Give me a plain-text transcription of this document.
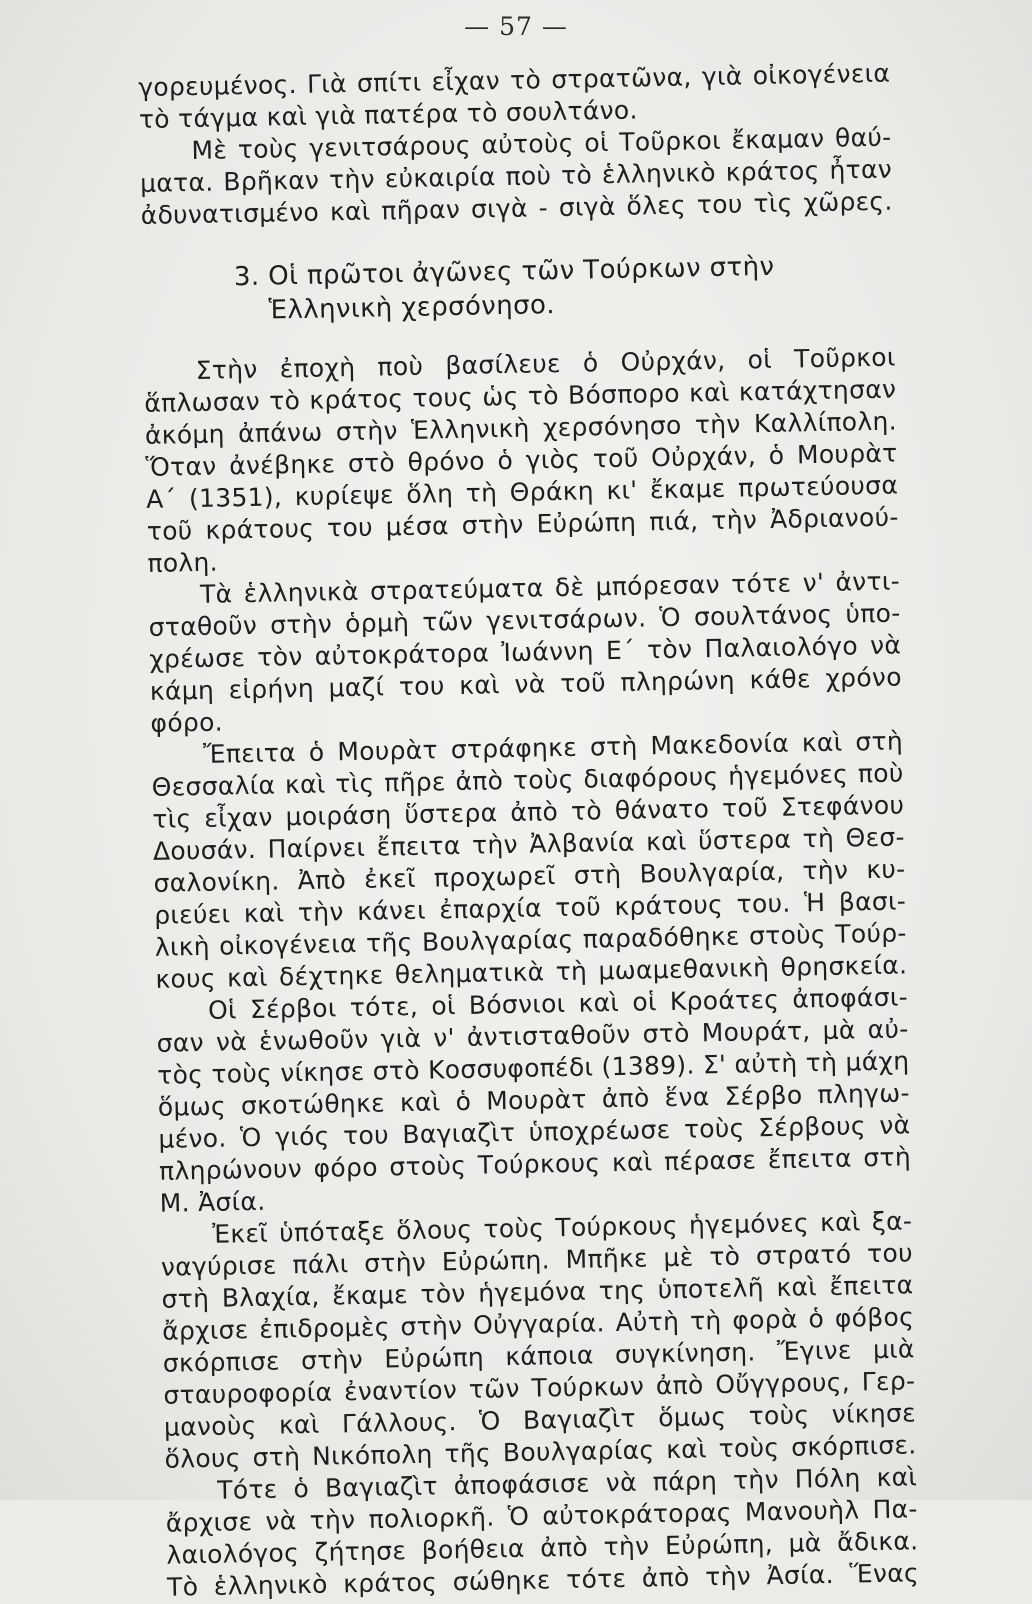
— 57 —
γορευμένος. Γιὰ σπίτι εἶχαν τὸ στρατῶνα, γιὰ οἰκογένεια
τὸ τάγμα καὶ γιὰ πατέρα τὸ σουλτάνο.
Μὲ τοὺς γενιτσάρους αὐτοὺς οἱ Τοῦρκοι ἔκαμαν θαύ-
ματα. Βρῆκαν τὴν εὐκαιρία ποὺ τὸ ἑλληνικὸ κράτος ἦταν
ἀδυνατισμένο καὶ πῆραν σιγὰ - σιγὰ ὅλες του τὶς χῶρες.
3. Οἱ πρῶτοι ἀγῶνες τῶν Τούρκων στὴν
Ἑλληνικὴ χερσόνησο.
Στὴν ἐποχὴ ποὺ βασίλευε ὁ Οὐρχάν, οἱ Τοῦρκοι
ἅπλωσαν τὸ κράτος τους ὡς τὸ Βόσπορο καὶ κατάχτησαν
ἀκόμη ἀπάνω στὴν Ἑλληνικὴ χερσόνησο τὴν Καλλίπολη.
Ὅταν ἀνέβηκε στὸ θρόνο ὁ γιὸς τοῦ Οὐρχάν, ὁ Μουρὰτ
Α΄ (1351), κυρίεψε ὅλη τὴ Θράκη κι' ἔκαμε πρωτεύουσα
τοῦ κράτους του μέσα στὴν Εὐρώπη πιά, τὴν Ἀδριανού-
πολη.
Τὰ ἑλληνικὰ στρατεύματα δὲ μπόρεσαν τότε ν' ἀντι-
σταθοῦν στὴν ὁρμὴ τῶν γενιτσάρων. Ὁ σουλτάνος ὑπο-
χρέωσε τὸν αὐτοκράτορα Ἰωάννη Ε΄ τὸν Παλαιολόγο νὰ
κάμη εἰρήνη μαζί του καὶ νὰ τοῦ πληρώνη κάθε χρόνο
φόρο.
Ἔπειτα ὁ Μουρὰτ στράφηκε στὴ Μακεδονία καὶ στὴ
Θεσσαλία καὶ τὶς πῆρε ἀπὸ τοὺς διαφόρους ἡγεμόνες ποὺ
τὶς εἶχαν μοιράση ὕστερα ἀπὸ τὸ θάνατο τοῦ Στεφάνου
Δουσάν. Παίρνει ἔπειτα τὴν Ἀλβανία καὶ ὕστερα τὴ Θεσ-
σαλονίκη. Ἀπὸ ἐκεῖ προχωρεῖ στὴ Βουλγαρία, τὴν κυ-
ριεύει καὶ τὴν κάνει ἐπαρχία τοῦ κράτους του. Ἡ βασι-
λικὴ οἰκογένεια τῆς Βουλγαρίας παραδόθηκε στοὺς Τούρ-
κους καὶ δέχτηκε θεληματικὰ τὴ μωαμεθανικὴ θρησκεία.
Οἱ Σέρβοι τότε, οἱ Βόσνιοι καὶ οἱ Κροάτες ἀποφάσι-
σαν νὰ ἑνωθοῦν γιὰ ν' ἀντισταθοῦν στὸ Μουράτ, μὰ αὐ-
τὸς τοὺς νίκησε στὸ Κοσσυφοπέδι (1389). Σ' αὐτὴ τὴ μάχη
ὅμως σκοτώθηκε καὶ ὁ Μουρὰτ ἀπὸ ἕνα Σέρβο πληγω-
μένο. Ὁ γιός του Βαγιαζὶτ ὑποχρέωσε τοὺς Σέρβους νὰ
πληρώνουν φόρο στοὺς Τούρκους καὶ πέρασε ἔπειτα στὴ
Μ. Ἀσία.
Ἐκεῖ ὑπόταξε ὅλους τοὺς Τούρκους ἡγεμόνες καὶ ξα-
ναγύρισε πάλι στὴν Εὐρώπη. Μπῆκε μὲ τὸ στρατό του
στὴ Βλαχία, ἔκαμε τὸν ἡγεμόνα της ὑποτελῆ καὶ ἔπειτα
ἄρχισε ἐπιδρομὲς στὴν Οὐγγαρία. Αὐτὴ τὴ φορὰ ὁ φόβος
σκόρπισε στὴν Εὐρώπη κάποια συγκίνηση. Ἔγινε μιὰ
σταυροφορία ἐναντίον τῶν Τούρκων ἀπὸ Οὔγγρους, Γερ-
μανοὺς καὶ Γάλλους. Ὁ Βαγιαζὶτ ὅμως τοὺς νίκησε
ὅλους στὴ Νικόπολη τῆς Βουλγαρίας καὶ τοὺς σκόρπισε.
Τότε ὁ Βαγιαζὶτ ἀποφάσισε νὰ πάρη τὴν Πόλη καὶ
ἄρχισε νὰ τὴν πολιορκῆ. Ὁ αὐτοκράτορας Μανουὴλ Πα-
λαιολόγος ζήτησε βοήθεια ἀπὸ τὴν Εὐρώπη, μὰ ἄδικα.
Τὸ ἑλληνικὸ κράτος σώθηκε τότε ἀπὸ τὴν Ἀσία. Ἕνας
